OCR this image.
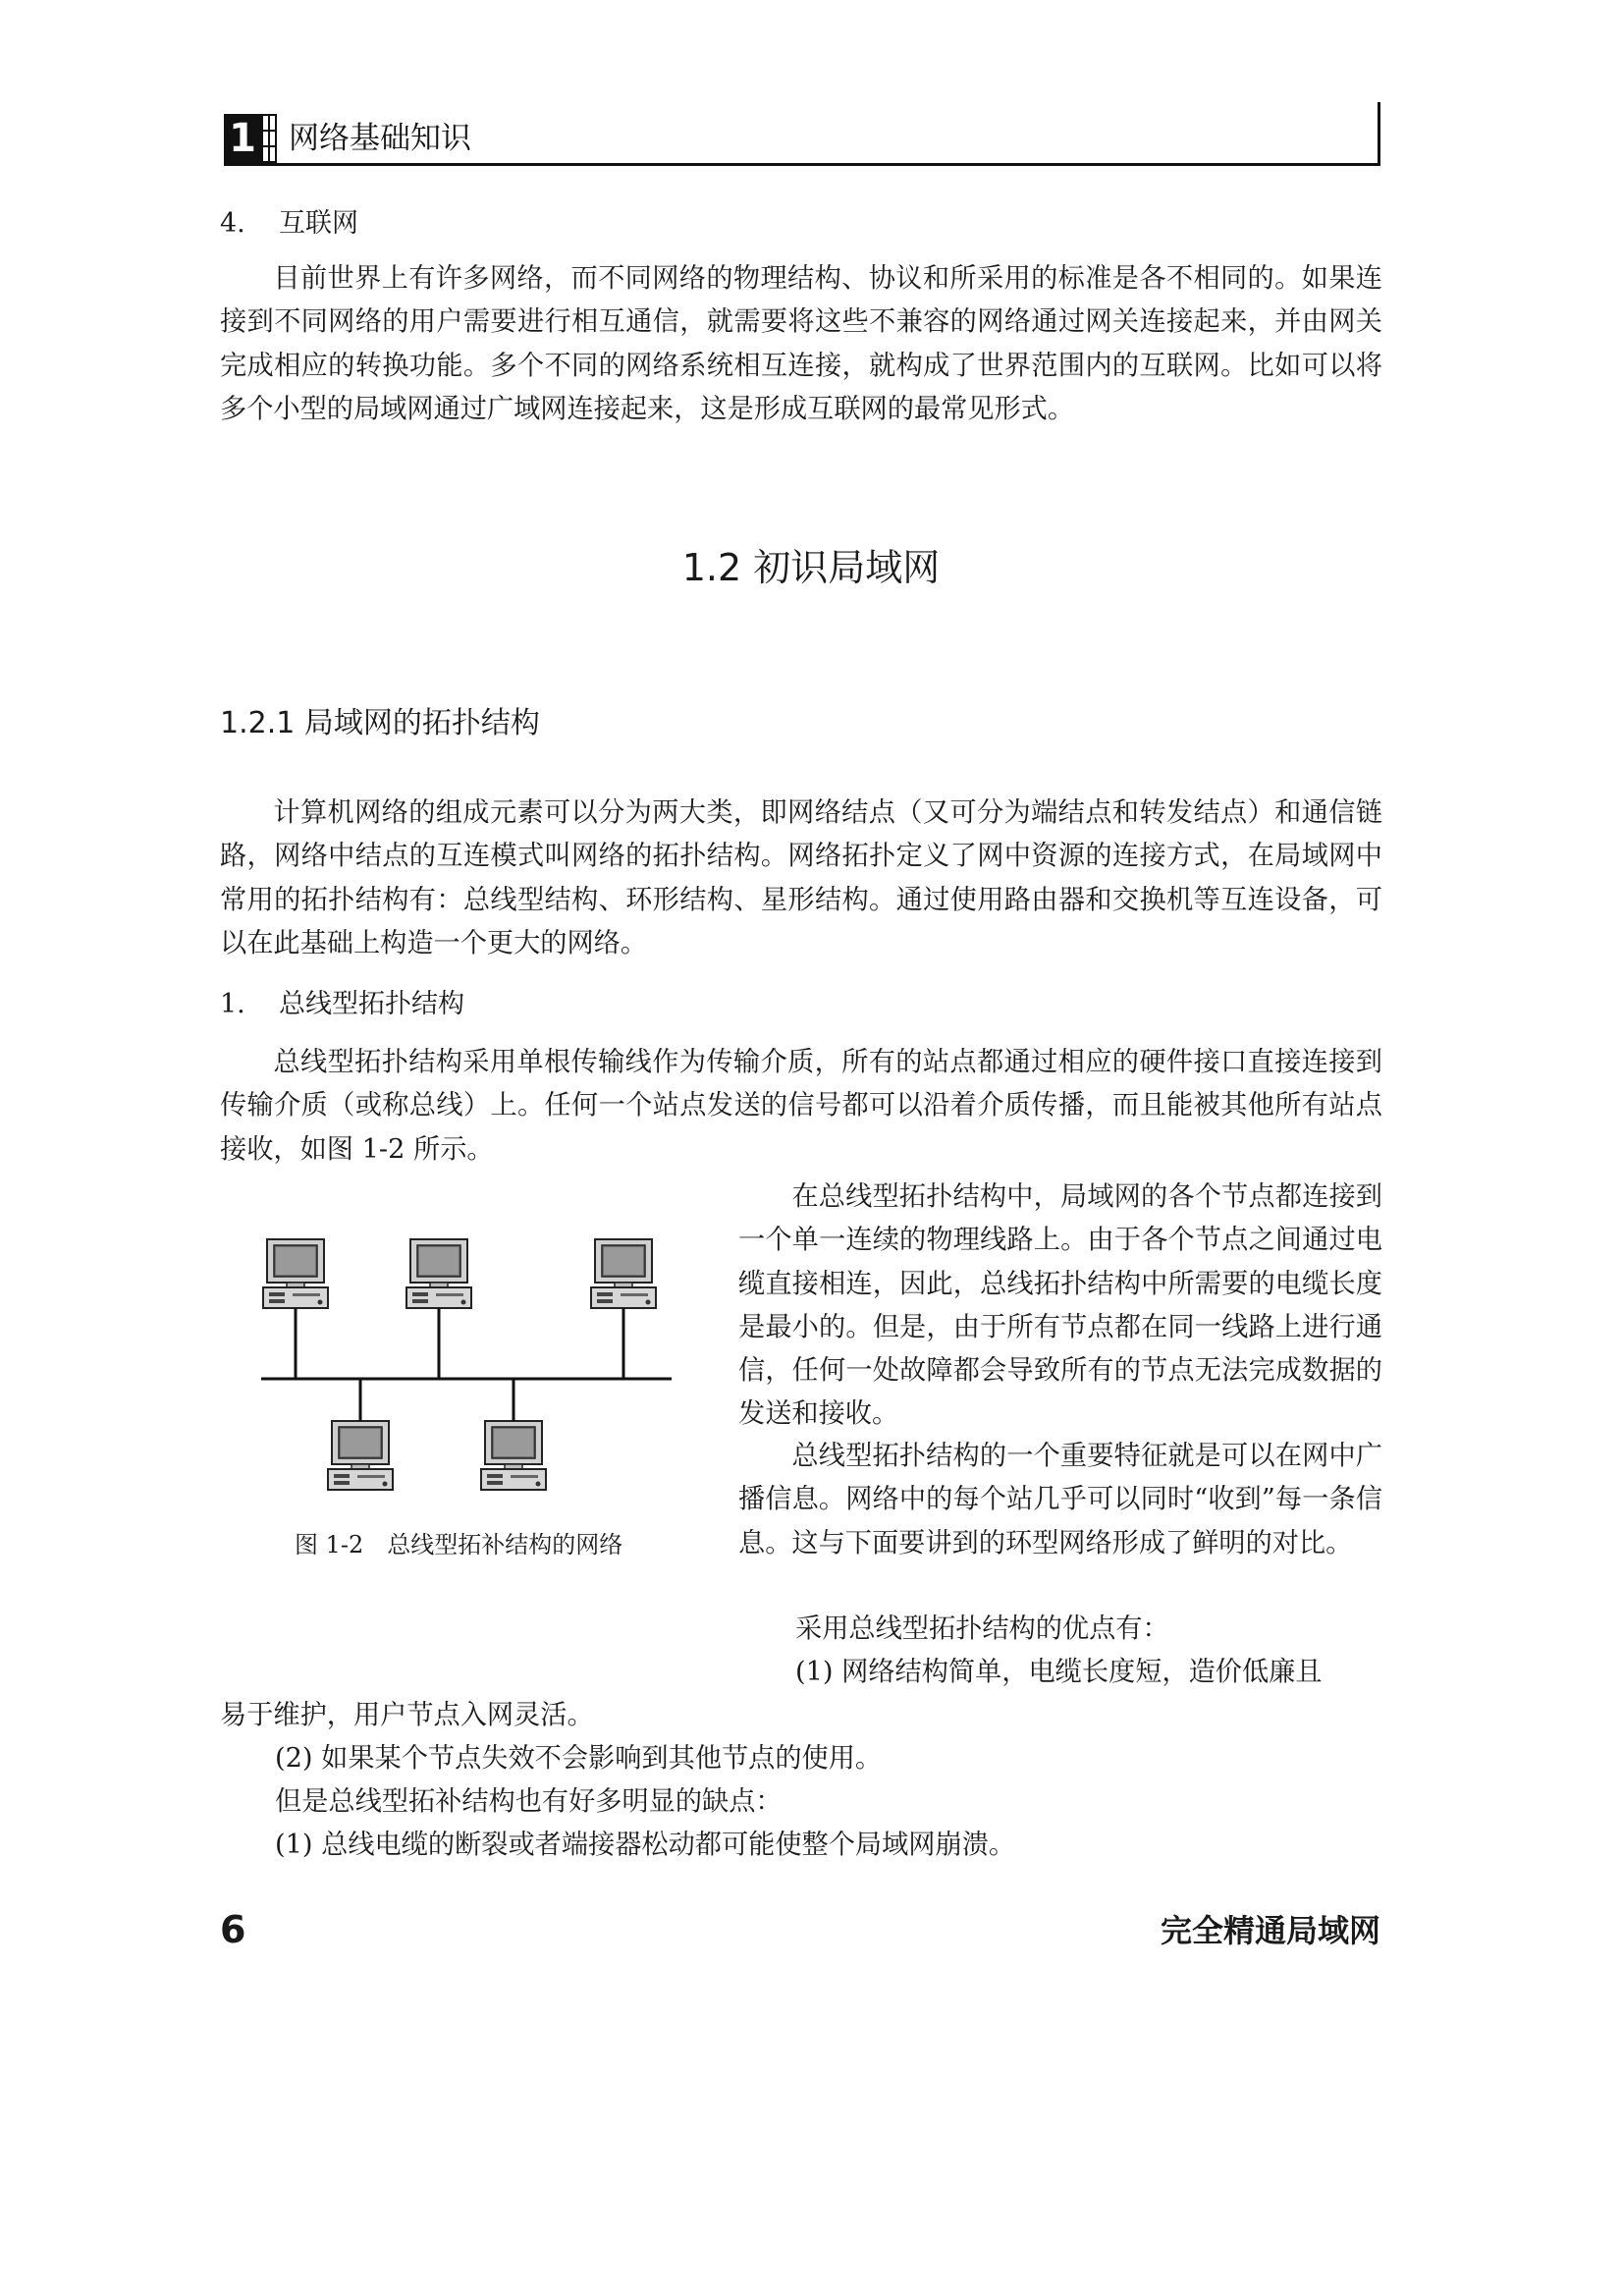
1 网络基础知识
4. 互联网

目前世界上有许多网络，而不同网络的物理结构、协议和所采用的标准是各不相同的。如果连接到不同网络的用户需要进行相互通信，就需要将这些不兼容的网络通过网关连接起来，并由网关完成相应的转换功能。多个不同的网络系统相互连接，就构成了世界范围内的互联网。比如可以将多个小型的局域网通过广域网连接起来，这是形成互联网的最常见形式。

1.2 初识局域网
1.2.1 局域网的拓扑结构

计算机网络的组成元素可以分为两大类，即网络结点（又可分为端结点和转发结点）和通信链路，网络中结点的互连模式叫网络的拓扑结构。网络拓扑定义了网中资源的连接方式，在局域网中常用的拓扑结构有：总线型结构、环形结构、星形结构。通过使用路由器和交换机等互连设备，可以在此基础上构造一个更大的网络。

1. 总线型拓扑结构

总线型拓扑结构采用单根传输线作为传输介质，所有的站点都通过相应的硬件接口直接连接到传输介质（或称总线）上。任何一个站点发送的信号都可以沿着介质传播，而且能被其他所有站点接收，如图 1-2 所示。

在总线型拓扑结构中，局域网的各个节点都连接到一个单一连续的物理线路上。由于各个节点之间通过电缆直接相连，因此，总线拓扑结构中所需要的电缆长度是最小的。但是，由于所有节点都在同一线路上进行通信，任何一处故障都会导致所有的节点无法完成数据的发送和接收。

总线型拓扑结构的一个重要特征就是可以在网中广播信息。网络中的每个站几乎可以同时“收到”每一条信息。这与下面要讲到的环型网络形成了鲜明的对比。

采用总线型拓扑结构的优点有：
(1) 网络结构简单，电缆长度短，造价低廉且
易于维护，用户节点入网灵活。
(2) 如果某个节点失效不会影响到其他节点的使用。
但是总线型拓补结构也有好多明显的缺点：
(1) 总线电缆的断裂或者端接器松动都可能使整个局域网崩溃。
图 1-2　总线型拓补结构的网络
6	完全精通局域网
